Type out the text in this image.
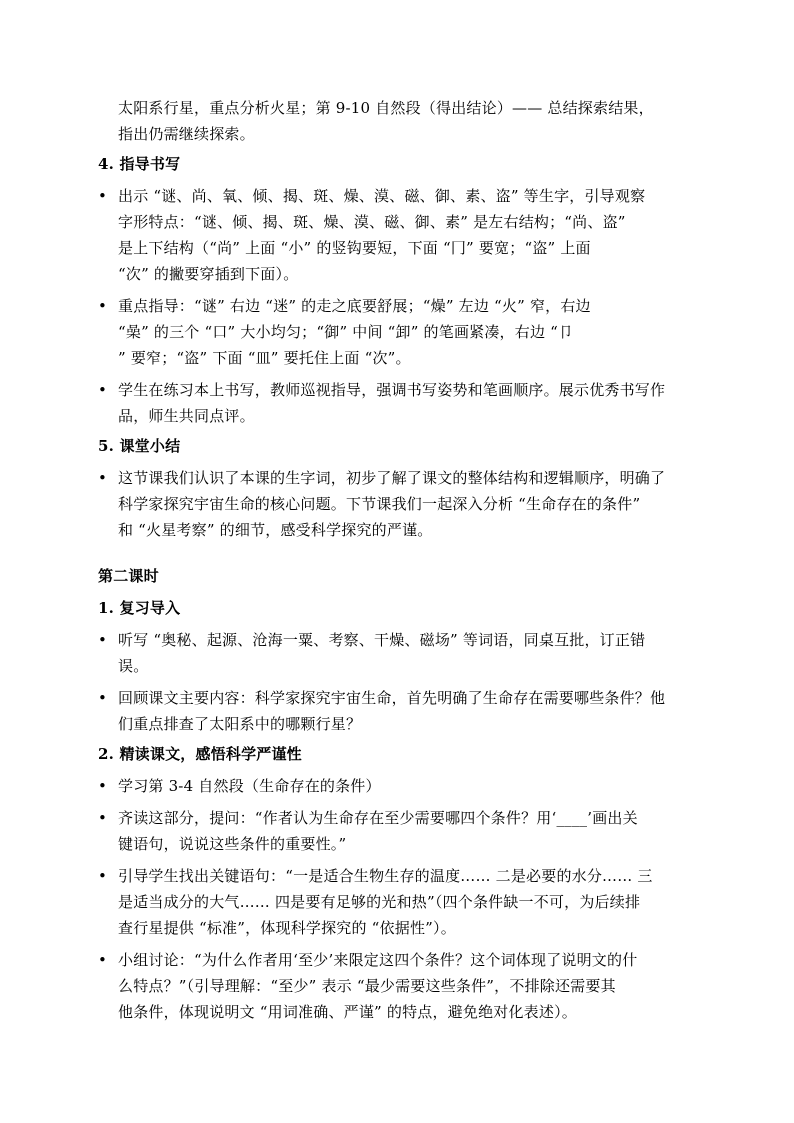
太阳系行星，重点分析火星；第 9-10 自然段（得出结论）—— 总结探索结果，
指出仍需继续探索。
4. 指导书写
• 出示 “谜、尚、氧、倾、揭、斑、燥、漠、磁、御、素、盗” 等生字，引导观察
字形特点：“谜、倾、揭、斑、燥、漠、磁、御、素” 是左右结构；“尚、盗”
是上下结构（“尚” 上面 “小” 的竖钩要短，下面 “冂” 要宽；“盗” 上面
“次” 的撇要穿插到下面）。
• 重点指导：“谜” 右边 “迷” 的走之底要舒展；“燥” 左边 “火” 窄，右边
“喿” 的三个 “口” 大小均匀；“御” 中间 “卸” 的笔画紧凑，右边 “卩
” 要窄；“盗” 下面 “皿” 要托住上面 “次”。
• 学生在练习本上书写，教师巡视指导，强调书写姿势和笔画顺序。展示优秀书写作
品，师生共同点评。
5. 课堂小结
• 这节课我们认识了本课的生字词，初步了解了课文的整体结构和逻辑顺序，明确了
科学家探究宇宙生命的核心问题。下节课我们一起深入分析 “生命存在的条件”
和 “火星考察” 的细节，感受科学探究的严谨。
第二课时
1. 复习导入
• 听写 “奥秘、起源、沧海一粟、考察、干燥、磁场” 等词语，同桌互批，订正错
误。
• 回顾课文主要内容：科学家探究宇宙生命，首先明确了生命存在需要哪些条件？他
们重点排查了太阳系中的哪颗行星？
2. 精读课文，感悟科学严谨性
• 学习第 3-4 自然段（生命存在的条件）
• 齐读这部分，提问：“作者认为生命存在至少需要哪四个条件？用‘____’画出关
键语句，说说这些条件的重要性。”
• 引导学生找出关键语句：“一是适合生物生存的温度…… 二是必要的水分…… 三
是适当成分的大气…… 四是要有足够的光和热”（四个条件缺一不可，为后续排
查行星提供 “标准”，体现科学探究的 “依据性”）。
• 小组讨论：“为什么作者用‘至少’来限定这四个条件？这个词体现了说明文的什
么特点？”（引导理解：“至少” 表示 “最少需要这些条件”，不排除还需要其
他条件，体现说明文 “用词准确、严谨” 的特点，避免绝对化表述）。
